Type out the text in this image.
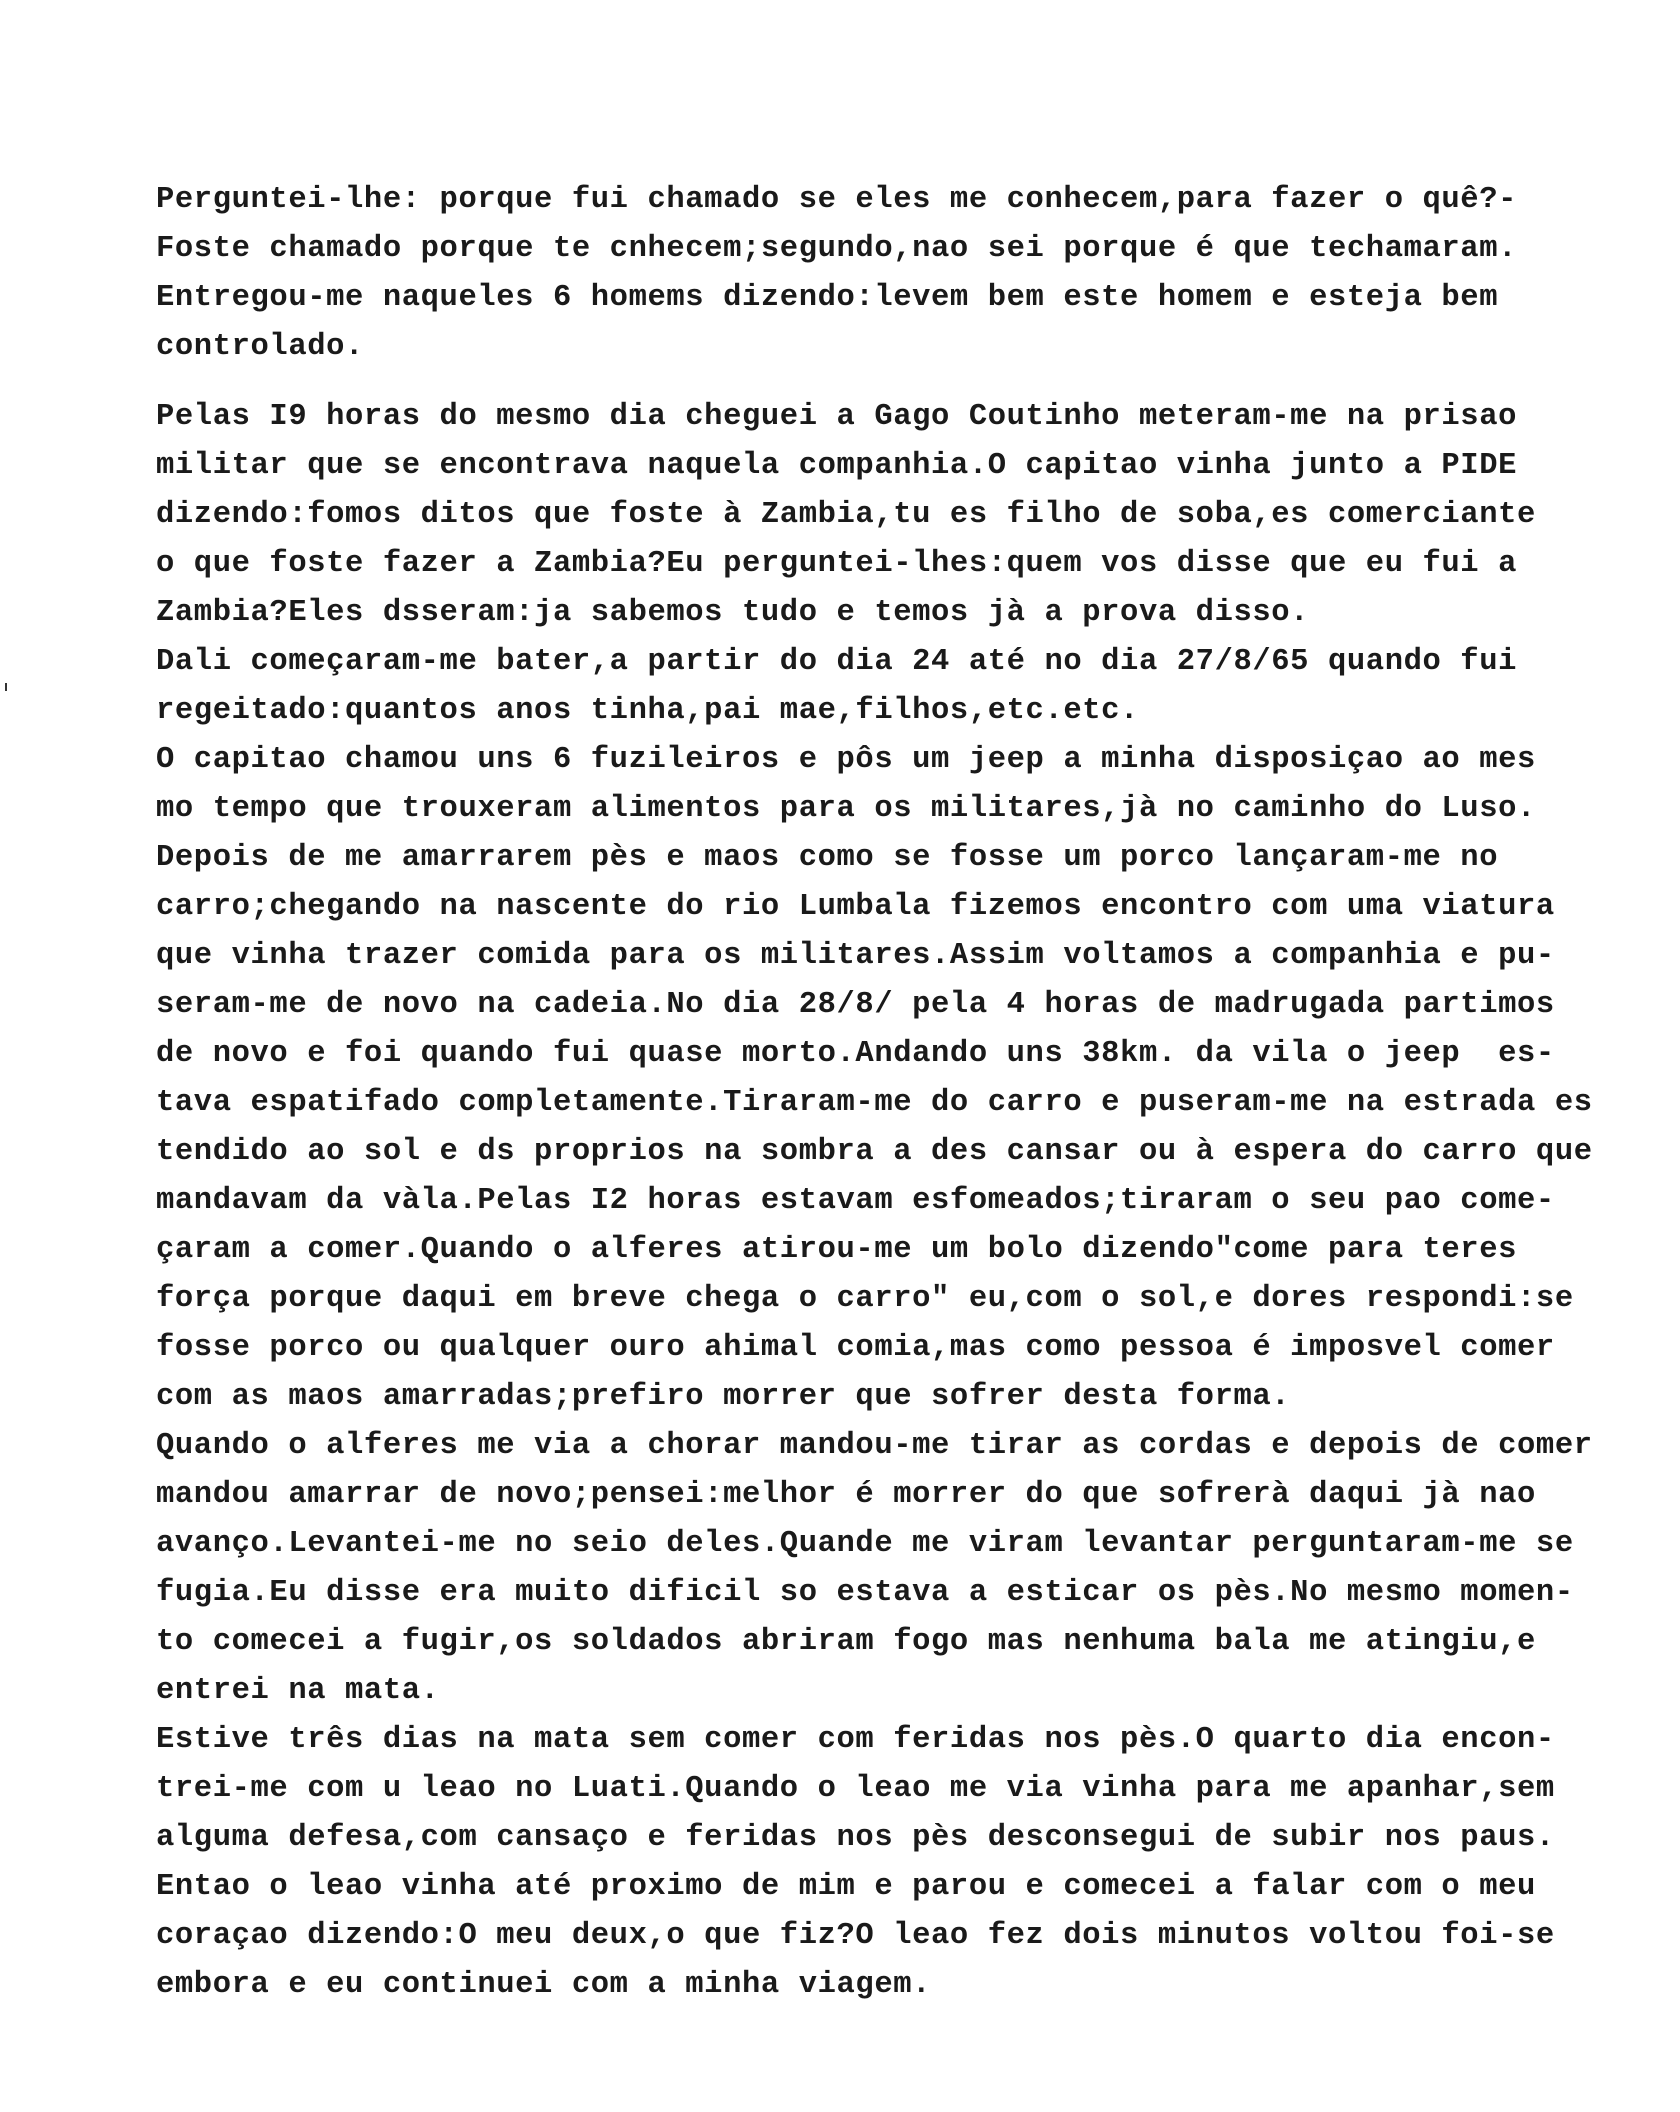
Perguntei-lhe: porque fui chamado se eles me conhecem,para fazer o quê?-
Foste chamado porque te cnhecem;segundo,nao sei porque é que techamaram.
Entregou-me naqueles 6 homems dizendo:levem bem este homem e esteja bem
controlado.
Pelas I9 horas do mesmo dia cheguei a Gago Coutinho meteram-me na prisao
militar que se encontrava naquela companhia.O capitao vinha junto a PIDE
dizendo:fomos ditos que foste à Zambia,tu es filho de soba,es comerciante
o que foste fazer a Zambia?Eu perguntei-lhes:quem vos disse que eu fui a
Zambia?Eles dsseram:ja sabemos tudo e temos jà a prova disso.
Dali começaram-me bater,a partir do dia 24 até no dia 27/8/65 quando fui
regeitado:quantos anos tinha,pai mae,filhos,etc.etc.
O capitao chamou uns 6 fuzileiros e pôs um jeep a minha disposiçao ao mes
mo tempo que trouxeram alimentos para os militares,jà no caminho do Luso.
Depois de me amarrarem pès e maos como se fosse um porco lançaram-me no
carro;chegando na nascente do rio Lumbala fizemos encontro com uma viatura
que vinha trazer comida para os militares.Assim voltamos a companhia e pu-
seram-me de novo na cadeia.No dia 28/8/ pela 4 horas de madrugada partimos
de novo e foi quando fui quase morto.Andando uns 38km. da vila o jeep  es-
tava espatifado completamente.Tiraram-me do carro e puseram-me na estrada es
tendido ao sol e ds proprios na sombra a des cansar ou à espera do carro que
mandavam da vàla.Pelas I2 horas estavam esfomeados;tiraram o seu pao come-
çaram a comer.Quando o alferes atirou-me um bolo dizendo"come para teres
força porque daqui em breve chega o carro" eu,com o sol,e dores respondi:se
fosse porco ou qualquer ouro ahimal comia,mas como pessoa é imposvel comer
com as maos amarradas;prefiro morrer que sofrer desta forma.
Quando o alferes me via a chorar mandou-me tirar as cordas e depois de comer
mandou amarrar de novo;pensei:melhor é morrer do que sofrerà daqui jà nao
avanço.Levantei-me no seio deles.Quande me viram levantar perguntaram-me se
fugia.Eu disse era muito dificil so estava a esticar os pès.No mesmo momen-
to comecei a fugir,os soldados abriram fogo mas nenhuma bala me atingiu,e
entrei na mata.
Estive três dias na mata sem comer com feridas nos pès.O quarto dia encon-
trei-me com u leao no Luati.Quando o leao me via vinha para me apanhar,sem
alguma defesa,com cansaço e feridas nos pès desconsegui de subir nos paus.
Entao o leao vinha até proximo de mim e parou e comecei a falar com o meu
coraçao dizendo:O meu deux,o que fiz?O leao fez dois minutos voltou foi-se
embora e eu continuei com a minha viagem.
